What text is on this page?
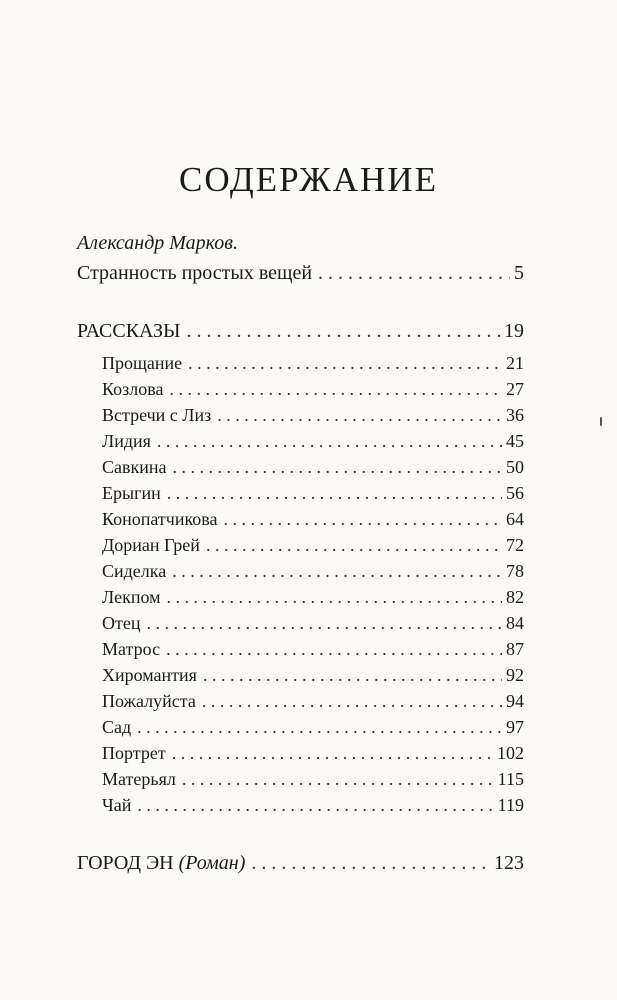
СОДЕРЖАНИЕ
Александр Марков.
Странность простых вещей . . .	5
РАССКАЗЫ . . .	19
Прощание . . .	21
Козлова . . .	27
Встречи с Лиз . . .	36
Лидия . . .	45
Савкина . . .	50
Ерыгин . . .	56
Конопатчикова . . .	64
Дориан Грей . . .	72
Сиделка . . .	78
Лекпом . . .	82
Отец . . .	84
Матрос . . .	87
Хиромантия . . .	92
Пожалуйста . . .	94
Сад . . .	97
Портрет . . .	102
Матерьял . . .	115
Чай . . .	119
ГОРОД ЭН (Роман) . . .	123
